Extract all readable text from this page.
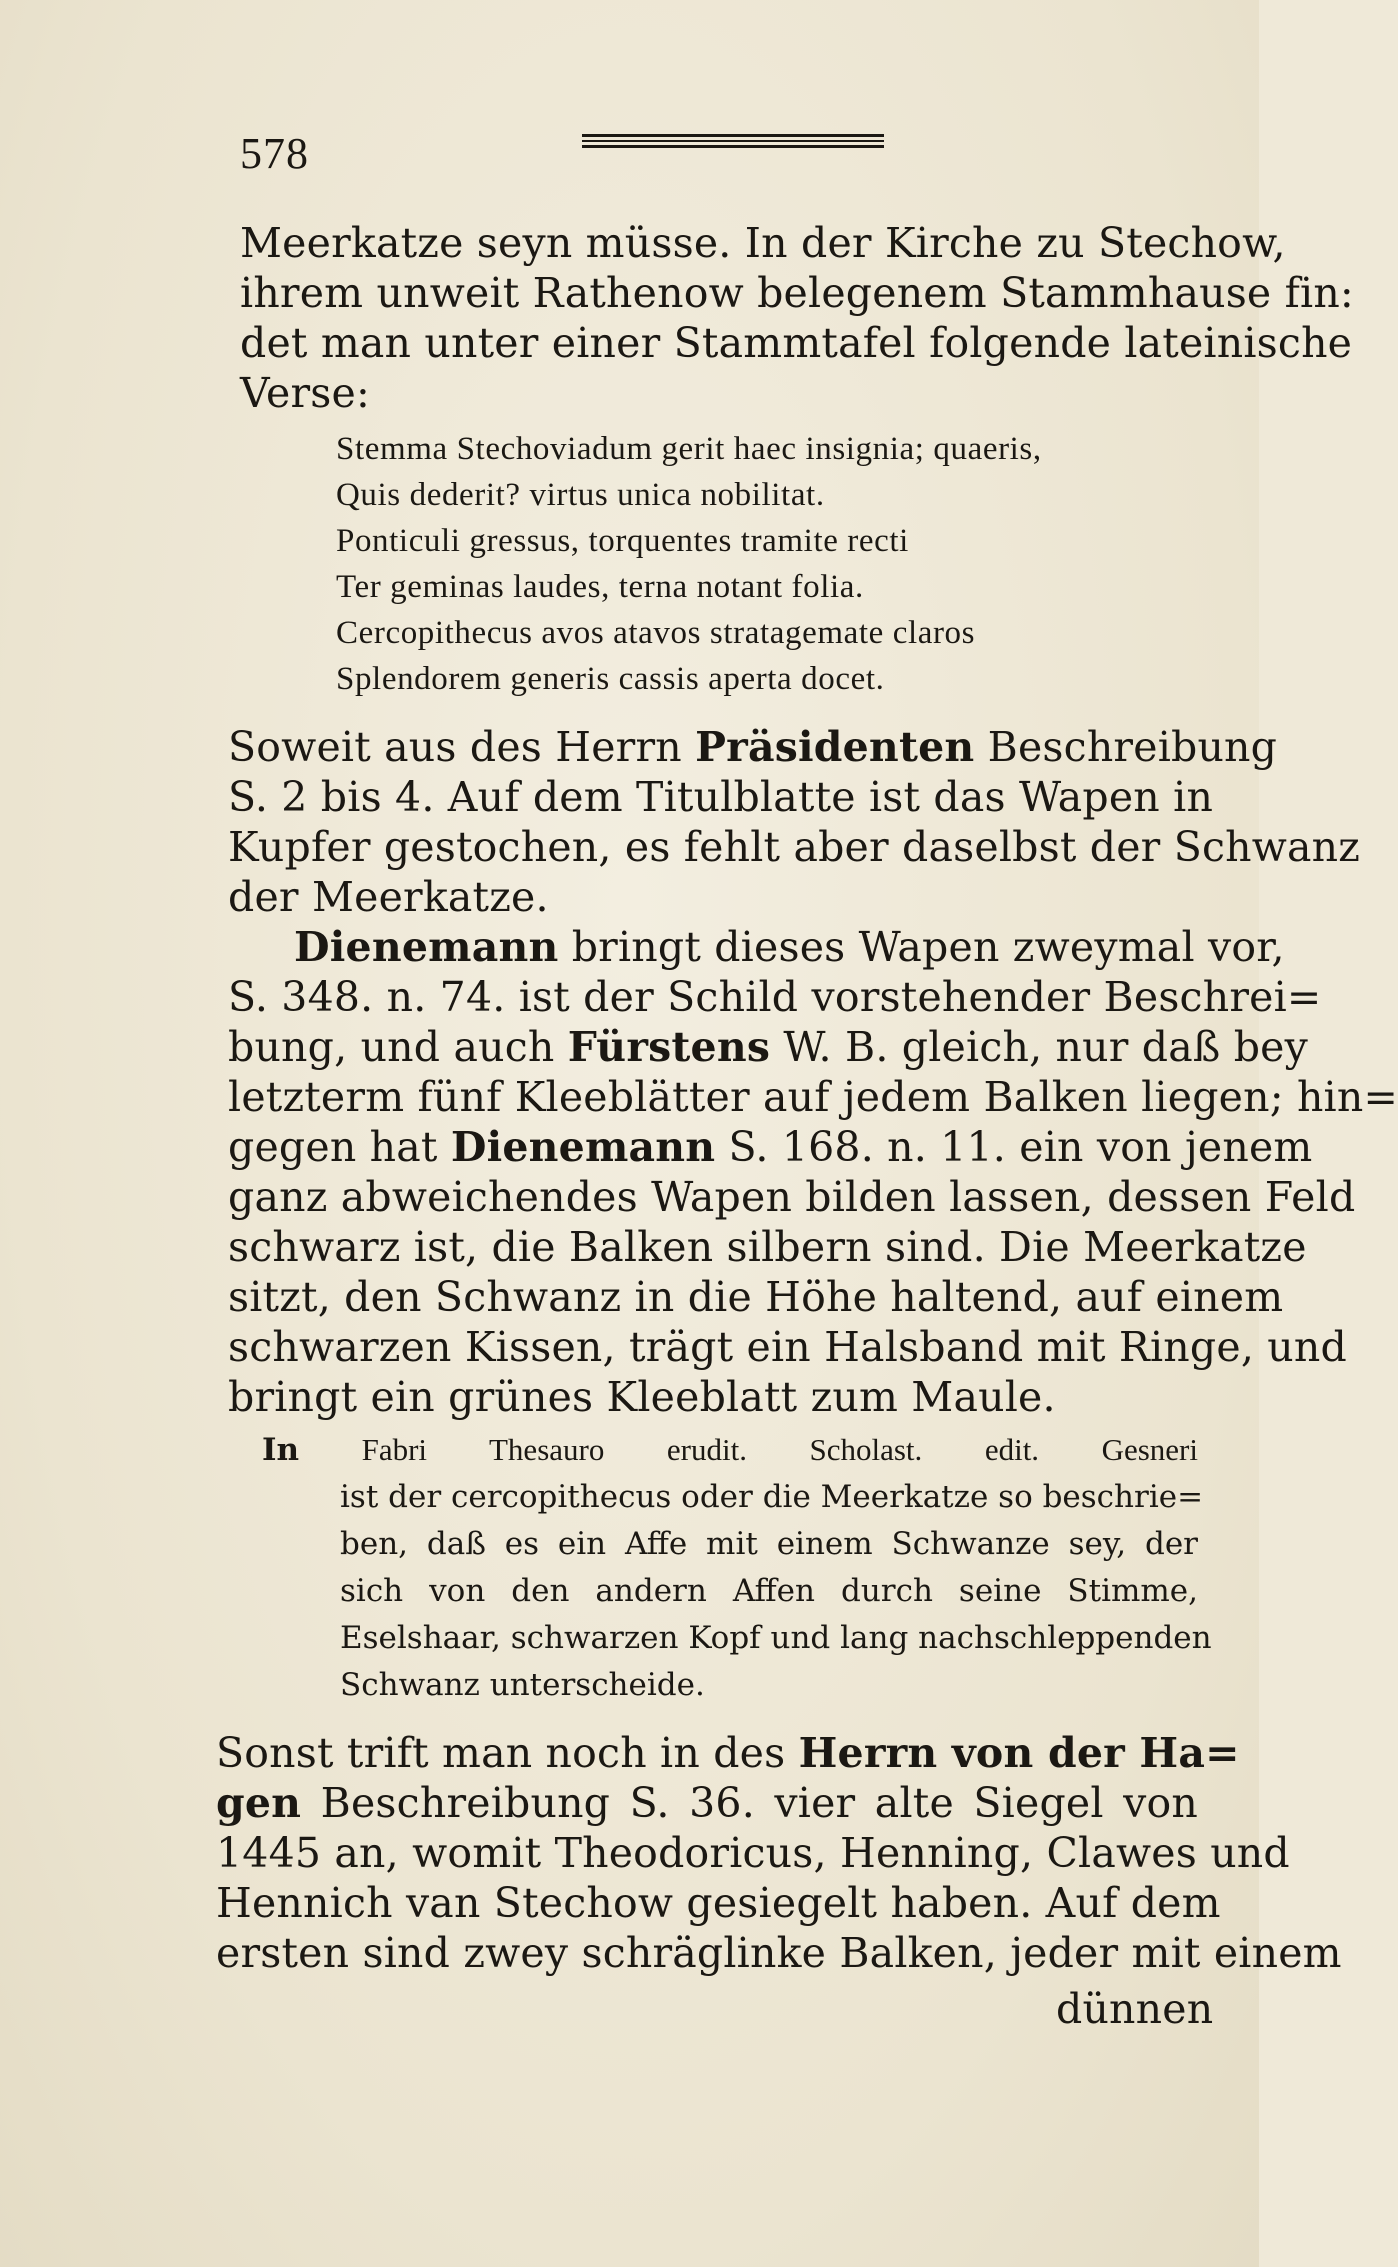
578

Meerkatze seyn müsse. In der Kirche zu Stechow,

ihrem unweit Rathenow belegenem Stammhause fin:

det man unter einer Stammtafel folgende lateinische

Verse:

Stemma Stechoviadum gerit haec insignia; quaeris,

Quis dederit? virtus unica nobilitat.

Ponticuli gressus, torquentes tramite recti

Ter geminas laudes, terna notant folia.

Cercopithecus avos atavos stratagemate claros

Splendorem generis cassis aperta docet.

Soweit aus des Herrn Präsidenten Beschreibung

S. 2 bis 4. Auf dem Titulblatte ist das Wapen in

Kupfer gestochen, es fehlt aber daselbst der Schwanz

der Meerkatze.

Dienemann bringt dieses Wapen zweymal vor,

S. 348. n. 74. ist der Schild vorstehender Beschrei=

bung, und auch Fürstens W. B. gleich, nur daß bey

letzterm fünf Kleeblätter auf jedem Balken liegen; hin=

gegen hat Dienemann S. 168. n. 11. ein von jenem

ganz abweichendes Wapen bilden lassen, dessen Feld

schwarz ist, die Balken silbern sind. Die Meerkatze

sitzt, den Schwanz in die Höhe haltend, auf einem

schwarzen Kissen, trägt ein Halsband mit Ringe, und

bringt ein grünes Kleeblatt zum Maule.

In Fabri Thesauro erudit. Scholast. edit. Gesneri

ist der cercopithecus oder die Meerkatze so beschrie=

ben, daß es ein Affe mit einem Schwanze sey, der

sich von den andern Affen durch seine Stimme,

Eselshaar, schwarzen Kopf und lang nachschleppenden

Schwanz unterscheide.

Sonst trift man noch in des Herrn von der Ha=

gen Beschreibung S. 36. vier alte Siegel von

1445 an, womit Theodoricus, Henning, Clawes und

Hennich van Stechow gesiegelt haben. Auf dem

ersten sind zwey schräglinke Balken, jeder mit einem

dünnen
